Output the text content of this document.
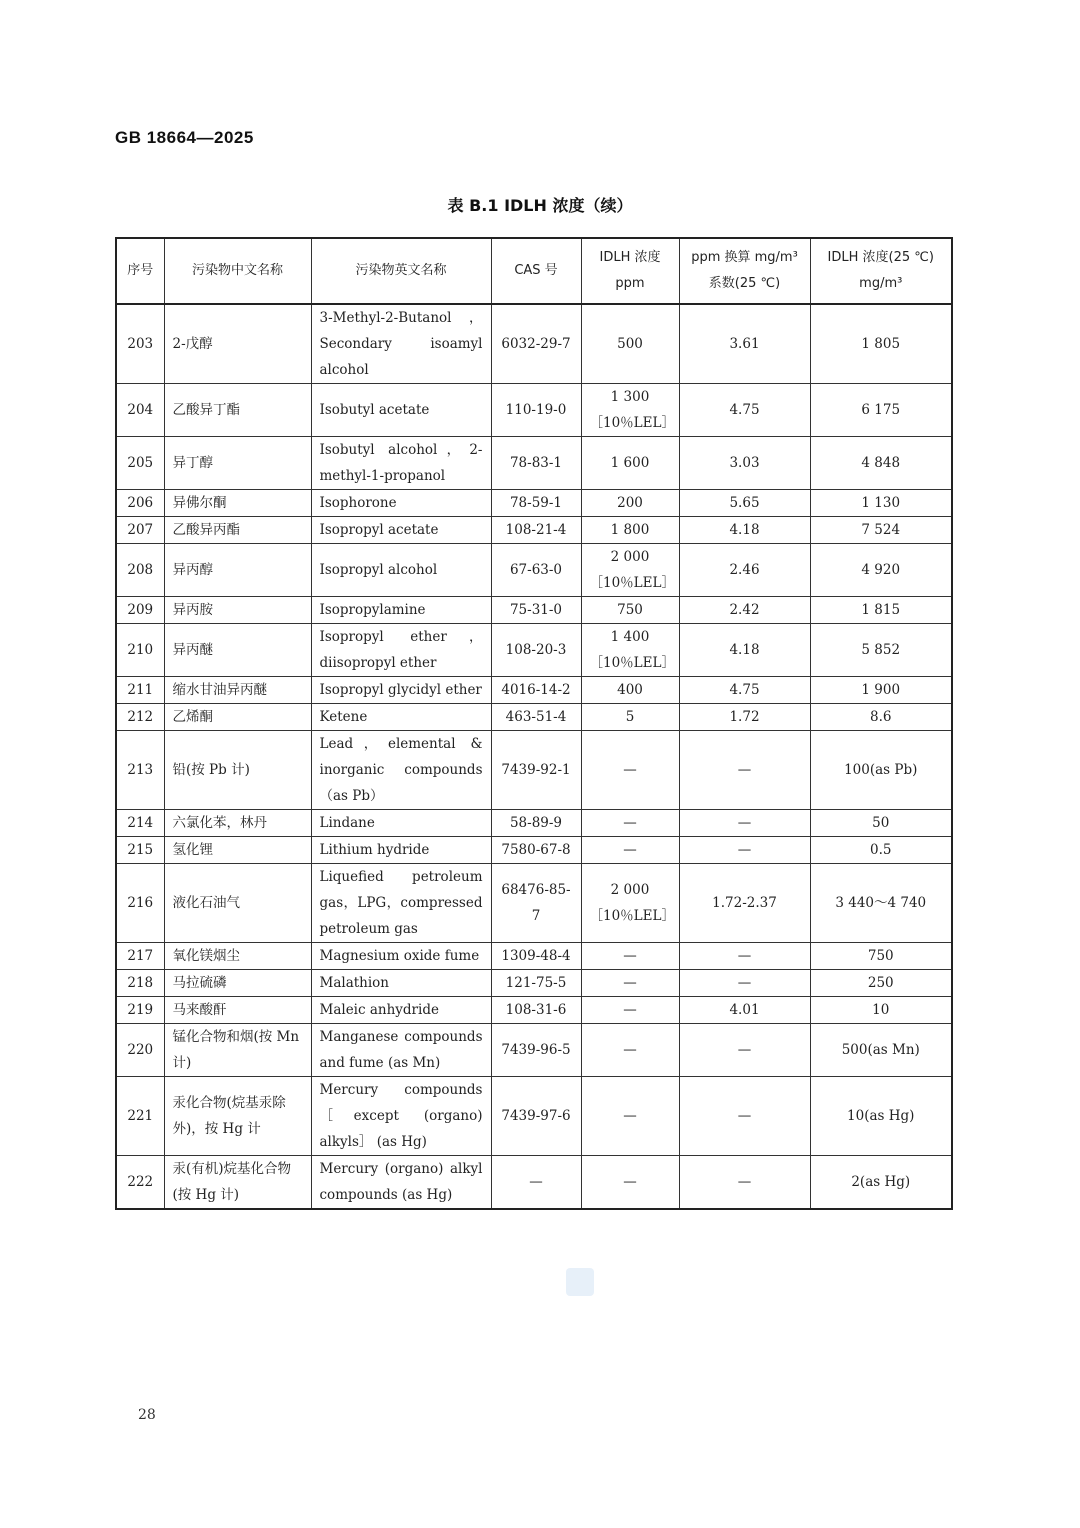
GB 18664—2025
表 B.1 IDLH 浓度（续）
序号	污染物中文名称	污染物英文名称	CAS 号	IDLH 浓度 ppm	ppm 换算 mg/m³ 系数(25 ℃)	IDLH 浓度(25 ℃) mg/m³
203	2-戊醇	3-Methyl-2-Butanol，Secondary isoamyl alcohol	6032-29-7	500	3.61	1 805
204	乙酸异丁酯	Isobutyl acetate	110-19-0	1 300 ［10％LEL］	4.75	6 175
205	异丁醇	Isobutyl alcohol，2-methyl-1-propanol	78-83-1	1 600	3.03	4 848
206	异佛尔酮	Isophorone	78-59-1	200	5.65	1 130
207	乙酸异丙酯	Isopropyl acetate	108-21-4	1 800	4.18	7 524
208	异丙醇	Isopropyl alcohol	67-63-0	2 000 ［10％LEL］	2.46	4 920
209	异丙胺	Isopropylamine	75-31-0	750	2.42	1 815
210	异丙醚	Isopropyl ether，diisopropyl ether	108-20-3	1 400 ［10％LEL］	4.18	5 852
211	缩水甘油异丙醚	Isopropyl glycidyl ether	4016-14-2	400	4.75	1 900
212	乙烯酮	Ketene	463-51-4	5	1.72	8.6
213	铅(按 Pb 计)	Lead，elemental & inorganic compounds （as Pb）	7439-92-1	—	—	100(as Pb)
214	六氯化苯，林丹	Lindane	58-89-9	—	—	50
215	氢化锂	Lithium hydride	7580-67-8	—	—	0.5
216	液化石油气	Liquefied petroleum gas，LPG，compressed petroleum gas	68476-85-7	2 000 ［10％LEL］	1.72-2.37	3 440～4 740
217	氧化镁烟尘	Magnesium oxide fume	1309-48-4	—	—	750
218	马拉硫磷	Malathion	121-75-5	—	—	250
219	马来酸酐	Maleic anhydride	108-31-6	—	4.01	10
220	锰化合物和烟(按 Mn 计)	Manganese compounds and fume (as Mn)	7439-96-5	—	—	500(as Mn)
221	汞化合物(烷基汞除外)，按 Hg 计	Mercury compounds ［except (organo) alkyls］ (as Hg)	7439-97-6	—	—	10(as Hg)
222	汞(有机)烷基化合物(按 Hg 计)	Mercury (organo) alkyl compounds (as Hg)	—	—	—	2(as Hg)
28
